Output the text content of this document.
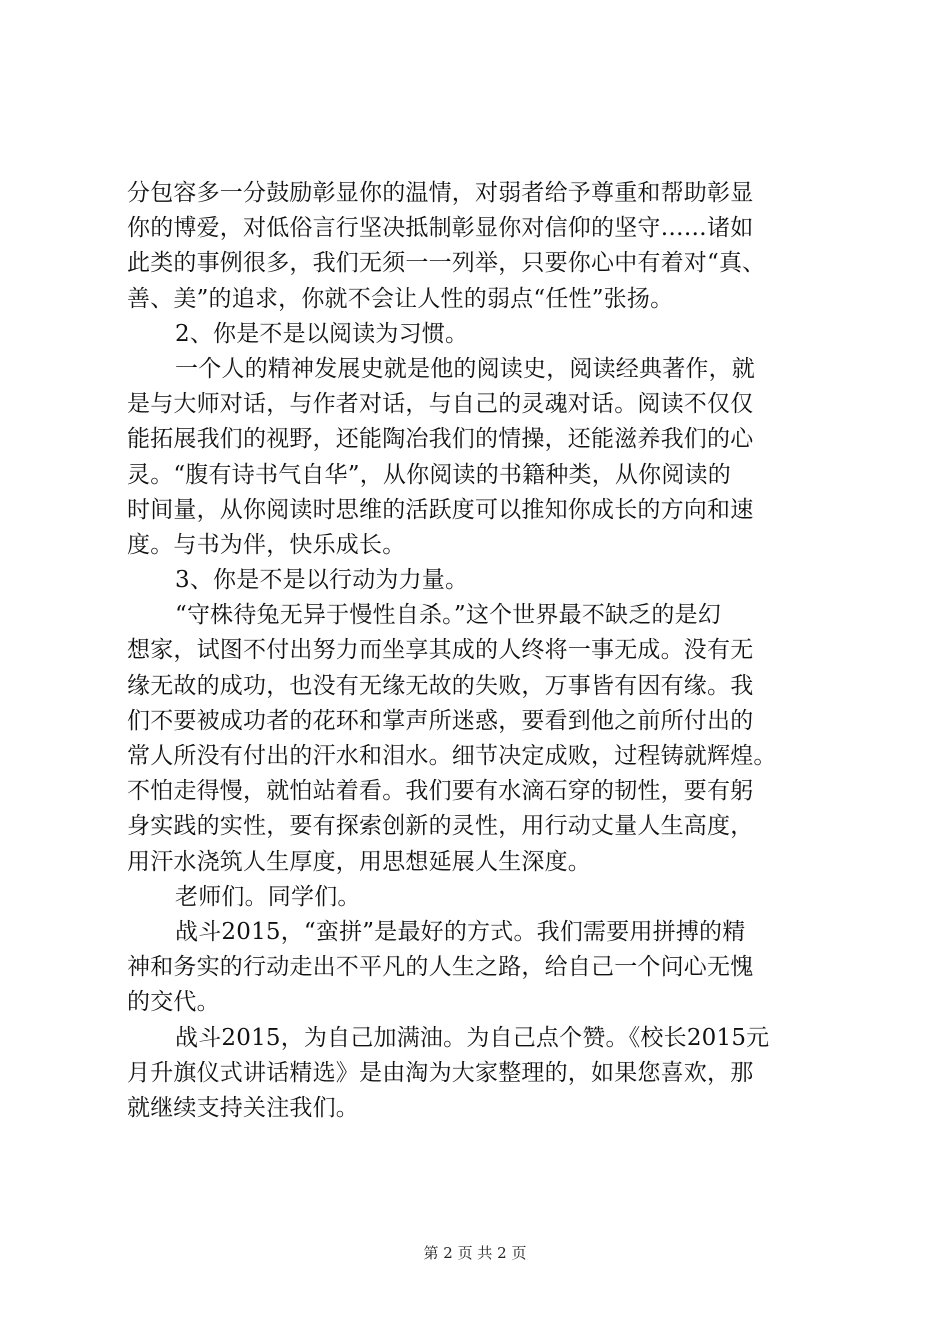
分包容多一分鼓励彰显你的温情，对弱者给予尊重和帮助彰显
你的博爱，对低俗言行坚决抵制彰显你对信仰的坚守……诸如
此类的事例很多，我们无须一一列举，只要你心中有着对“真、
善、美”的追求，你就不会让人性的弱点“任性”张扬。
2、你是不是以阅读为习惯。
一个人的精神发展史就是他的阅读史，阅读经典著作，就
是与大师对话，与作者对话，与自己的灵魂对话。阅读不仅仅
能拓展我们的视野，还能陶冶我们的情操，还能滋养我们的心
灵。“腹有诗书气自华”，从你阅读的书籍种类，从你阅读的
时间量，从你阅读时思维的活跃度可以推知你成长的方向和速
度。与书为伴，快乐成长。
3、你是不是以行动为力量。
“守株待兔无异于慢性自杀。”这个世界最不缺乏的是幻
想家，试图不付出努力而坐享其成的人终将一事无成。没有无
缘无故的成功，也没有无缘无故的失败，万事皆有因有缘。我
们不要被成功者的花环和掌声所迷惑，要看到他之前所付出的
常人所没有付出的汗水和泪水。细节决定成败，过程铸就辉煌。
不怕走得慢，就怕站着看。我们要有水滴石穿的韧性，要有躬
身实践的实性，要有探索创新的灵性，用行动丈量人生高度，
用汗水浇筑人生厚度，用思想延展人生深度。
老师们。同学们。
战斗2015，“蛮拼”是最好的方式。我们需要用拼搏的精
神和务实的行动走出不平凡的人生之路，给自己一个问心无愧
的交代。
战斗2015，为自己加满油。为自己点个赞。《校长2015元
月升旗仪式讲话精选》是由淘为大家整理的，如果您喜欢，那
就继续支持关注我们。
第 2 页 共 2 页
